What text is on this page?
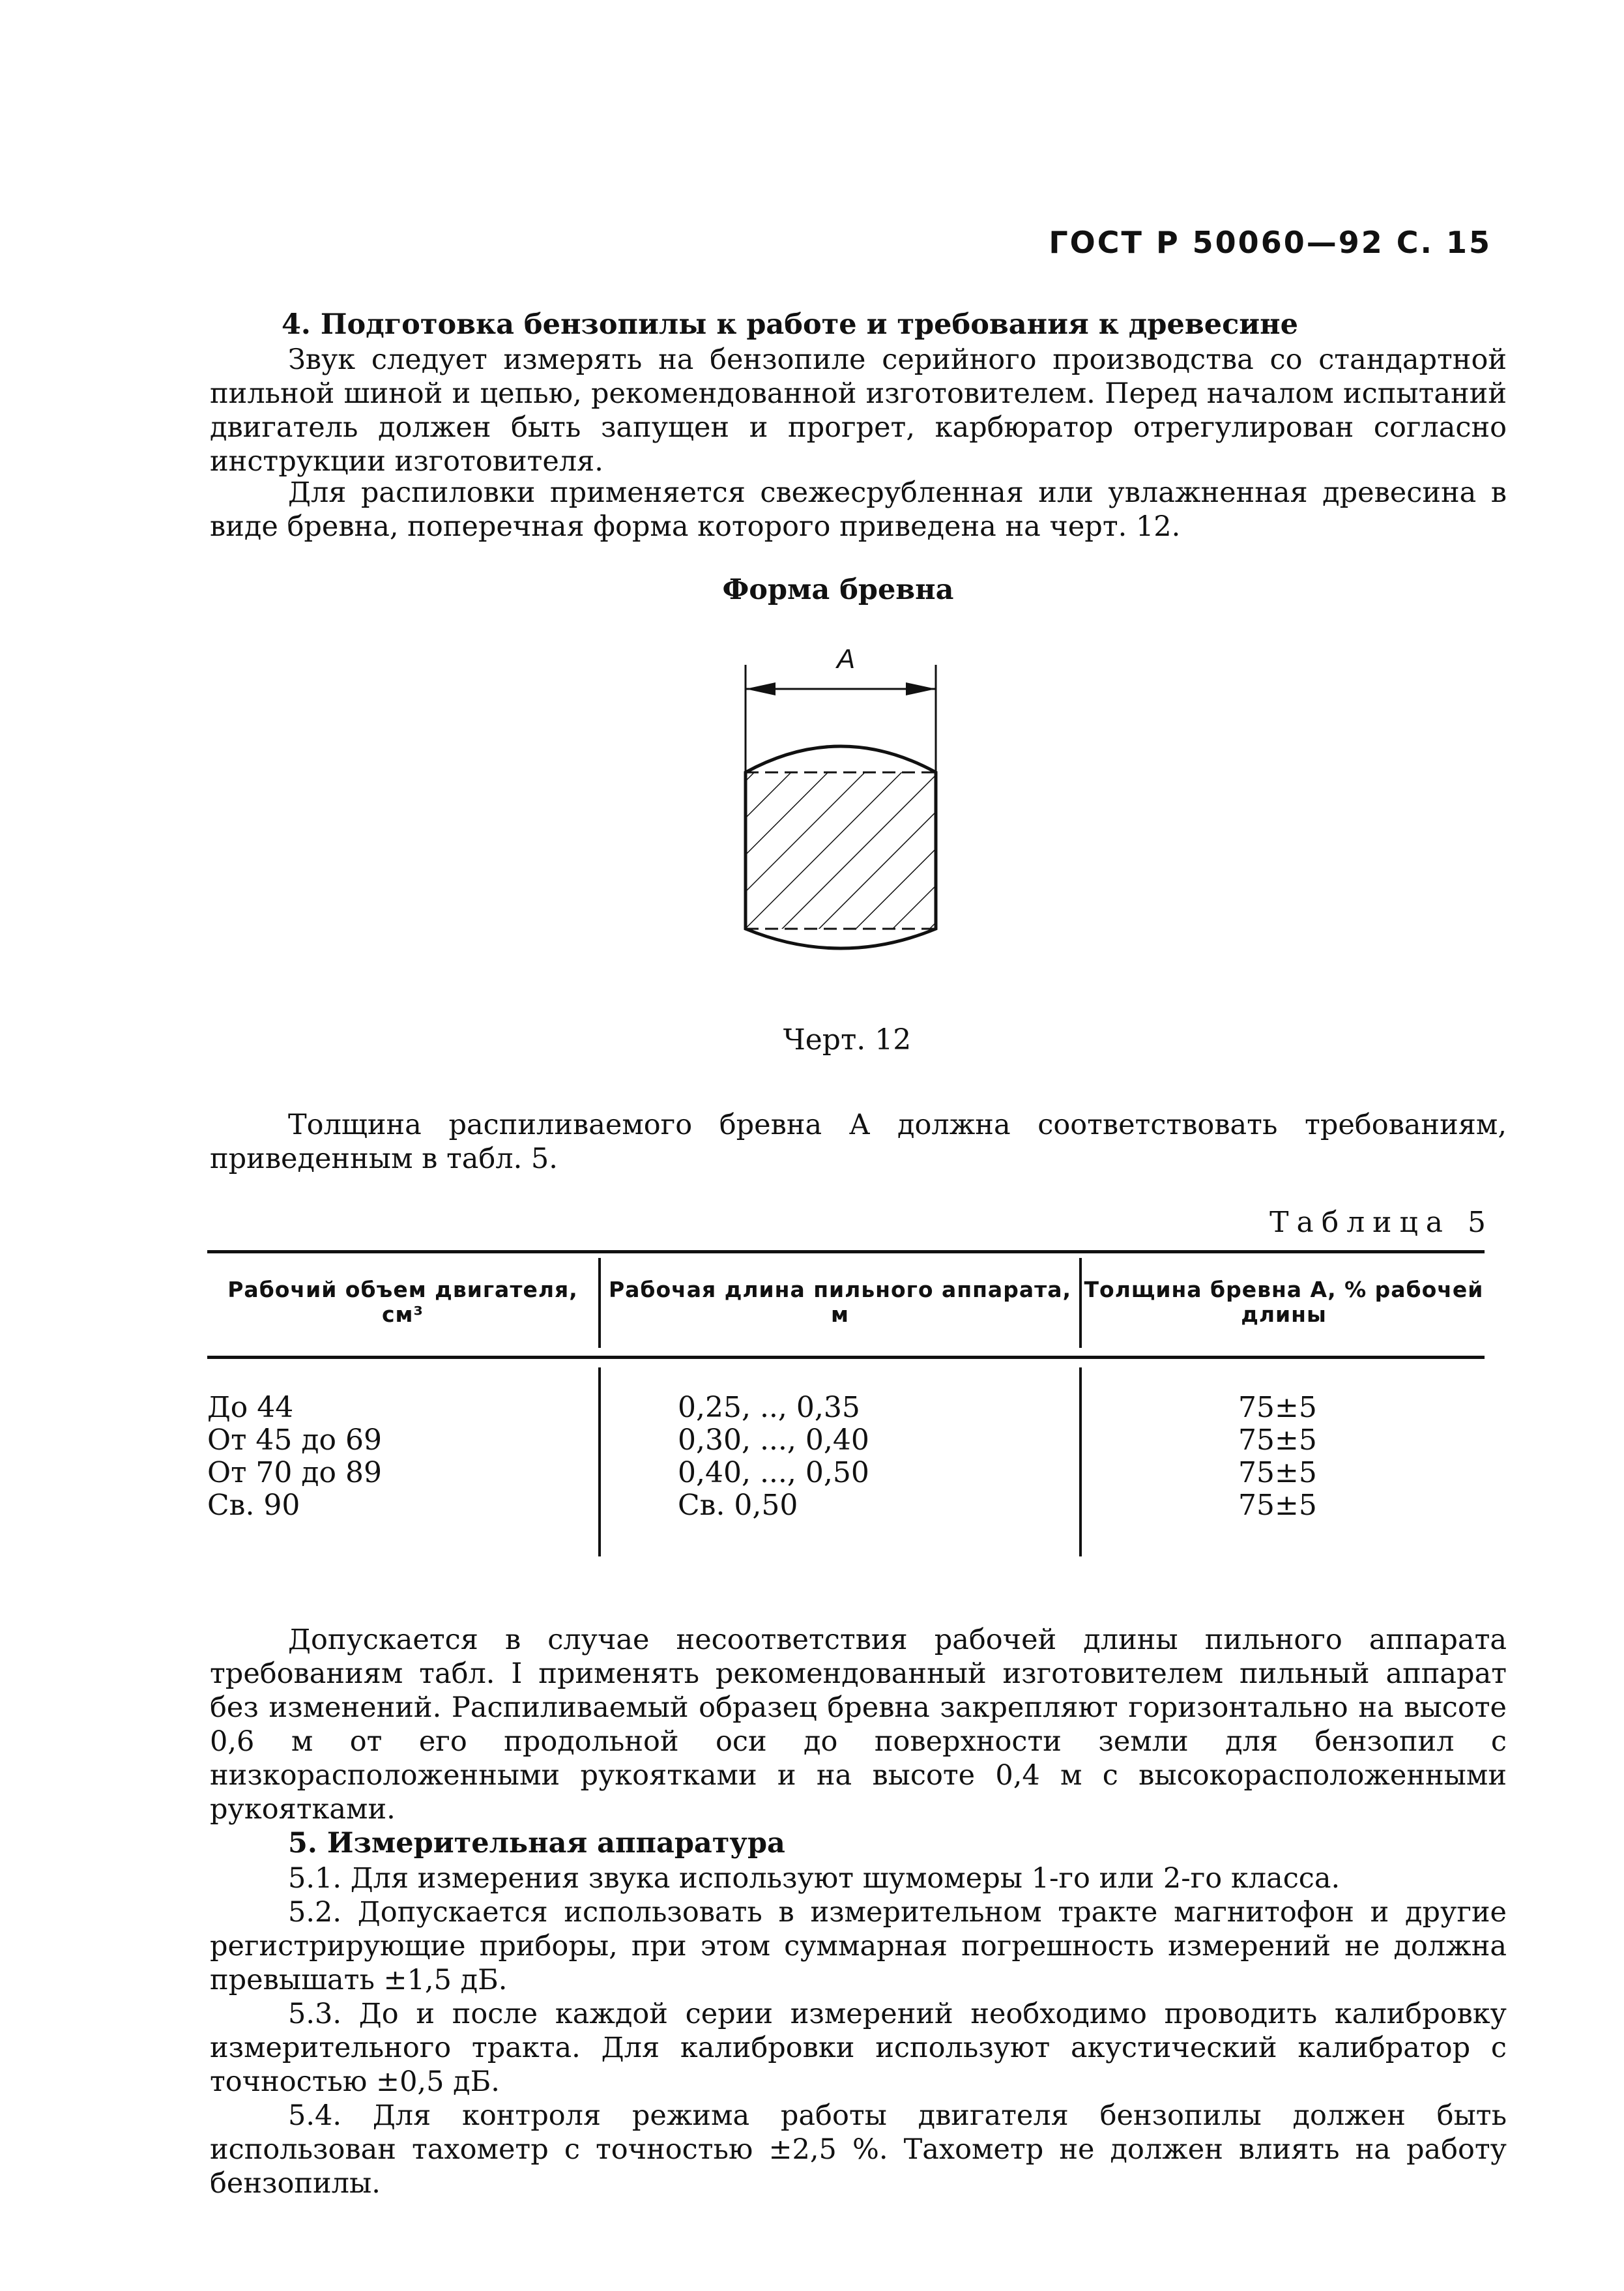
ГОСТ Р 50060—92 С. 15
4. Подготовка бензопилы к работе и требования к древесине
Звук следует измерять на бензопиле серийного производства со стандартной пильной шиной и цепью, рекомендованной изготовителем. Перед началом испытаний двигатель должен быть запущен и прогрет, карбюратор отрегулирован согласно инструкции изготовителя.
Для распиловки применяется свежесрубленная или увлажненная древесина в виде бревна, поперечная форма которого приведена на черт. 12.
Форма бревна
A
Черт. 12
Толщина распиливаемого бревна А должна соответствовать требованиям, приведенным в табл. 5.
Таблица 5
Рабочий объем двигателя, см³
Рабочая длина пильного аппарата, м
Толщина бревна А, % рабочей длины
До 44
От 45 до 69
От 70 до 89
Св. 90
0,25, .., 0,35
0,30, ..., 0,40
0,40, ..., 0,50
Св. 0,50
75±5
75±5
75±5
75±5
Допускается в случае несоответствия рабочей длины пильного аппарата требованиям табл. I применять рекомендованный изготовителем пильный аппарат без изменений. Распиливаемый образец бревна закрепляют горизонтально на высоте 0,6 м от его продольной оси до поверхности земли для бензопил с низкорасположенными рукоятками и на высоте 0,4 м с высокорасположенными рукоятками.
5. Измерительная аппаратура
5.1. Для измерения звука используют шумомеры 1-го или 2-го класса.
5.2. Допускается использовать в измерительном тракте магнитофон и другие регистрирующие приборы, при этом суммарная погрешность измерений не должна превышать ±1,5 дБ.
5.3. До и после каждой серии измерений необходимо проводить калибровку измерительного тракта. Для калибровки используют акустический калибратор с точностью ±0,5 дБ.
5.4. Для контроля режима работы двигателя бензопилы должен быть использован тахометр с точностью ±2,5 %. Тахометр не должен влиять на работу бензопилы.
